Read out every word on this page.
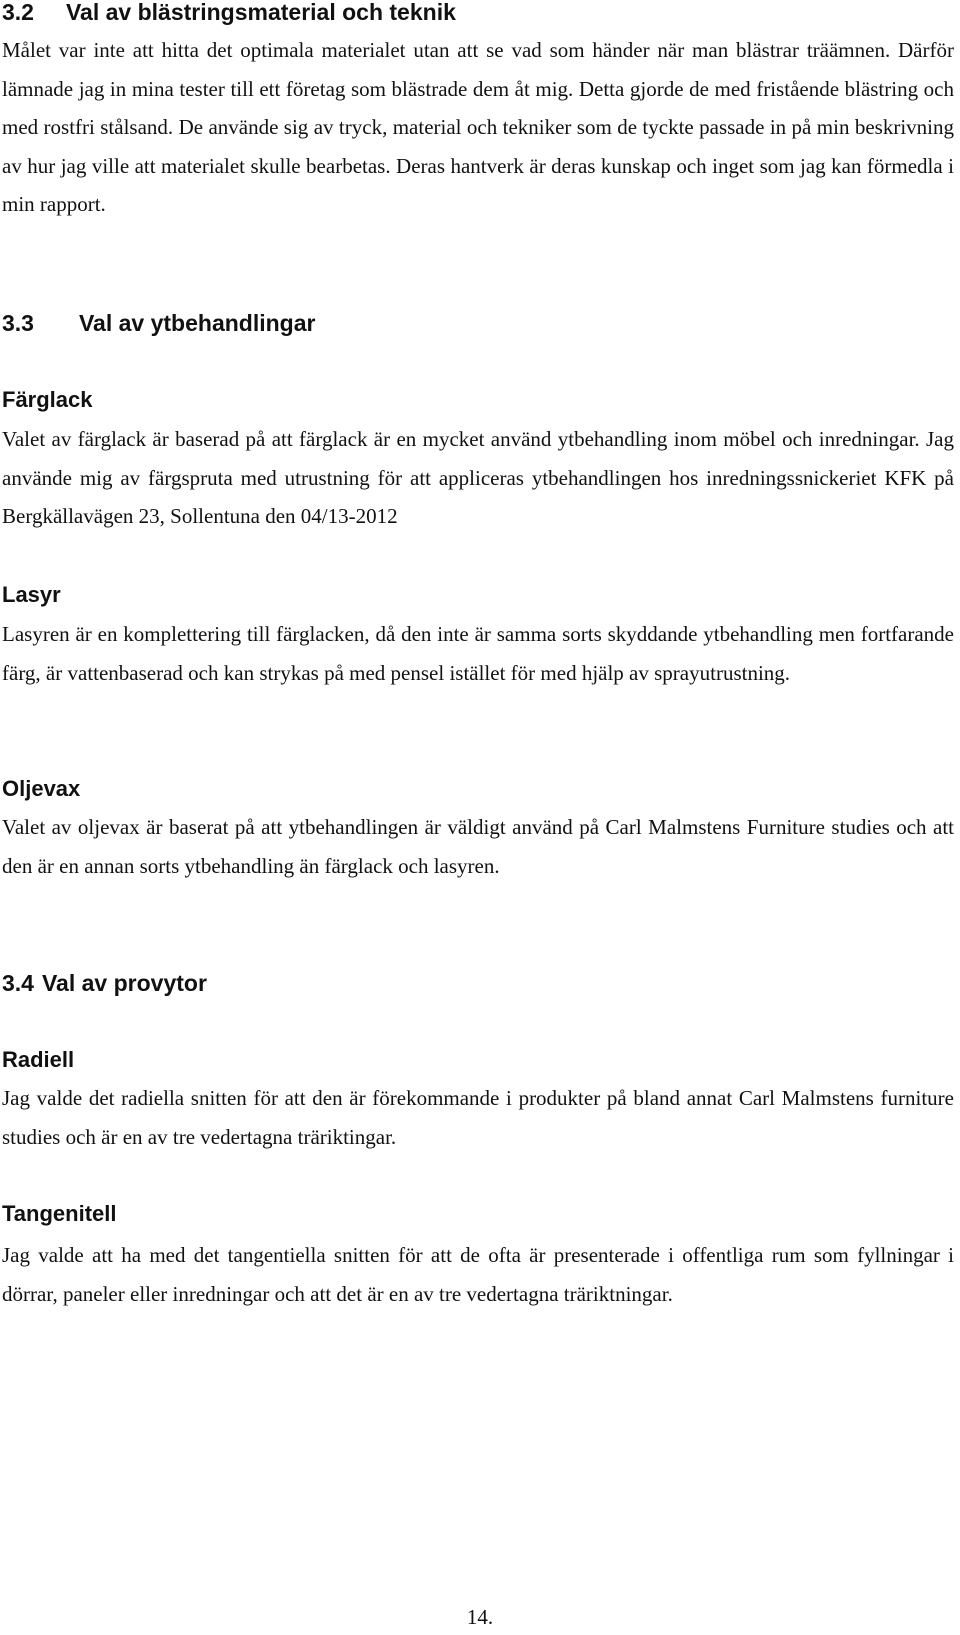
3.2 Val av blästringsmaterial och teknik

Målet var inte att hitta det optimala materialet utan att se vad som händer när man blästrar träämnen. Därför lämnade jag in mina tester till ett företag som blästrade dem åt mig. Detta gjorde de med fristående blästring och med rostfri stålsand. De använde sig av tryck, material och tekniker som de tyckte passade in på min beskrivning av hur jag ville att materialet skulle bearbetas. Deras hantverk är deras kunskap och inget som jag kan förmedla i min rapport.

3.3 Val av ytbehandlingar
Färglack

Valet av färglack är baserad på att färglack är en mycket använd ytbehandling inom möbel och inredningar. Jag använde mig av färgspruta med utrustning för att appliceras ytbehandlingen hos inredningssnickeriet KFK på Bergkällavägen 23, Sollentuna den 04/13-2012

Lasyr

Lasyren är en komplettering till färglacken, då den inte är samma sorts skyddande ytbehandling men fortfarande färg, är vattenbaserad och kan strykas på med pensel istället för med hjälp av sprayutrustning.

Oljevax

Valet av oljevax är baserat på att ytbehandlingen är väldigt använd på Carl Malmstens Furniture studies och att den är en annan sorts ytbehandling än färglack och lasyren.

3.4 Val av provytor
Radiell

Jag valde det radiella snitten för att den är förekommande i produkter på bland annat Carl Malmstens furniture studies och är en av tre vedertagna träriktingar.

Tangenitell

Jag valde att ha med det tangentiella snitten för att de ofta är presenterade i offentliga rum som fyllningar i dörrar, paneler eller inredningar och att det är en av tre vedertagna träriktningar.

14.
